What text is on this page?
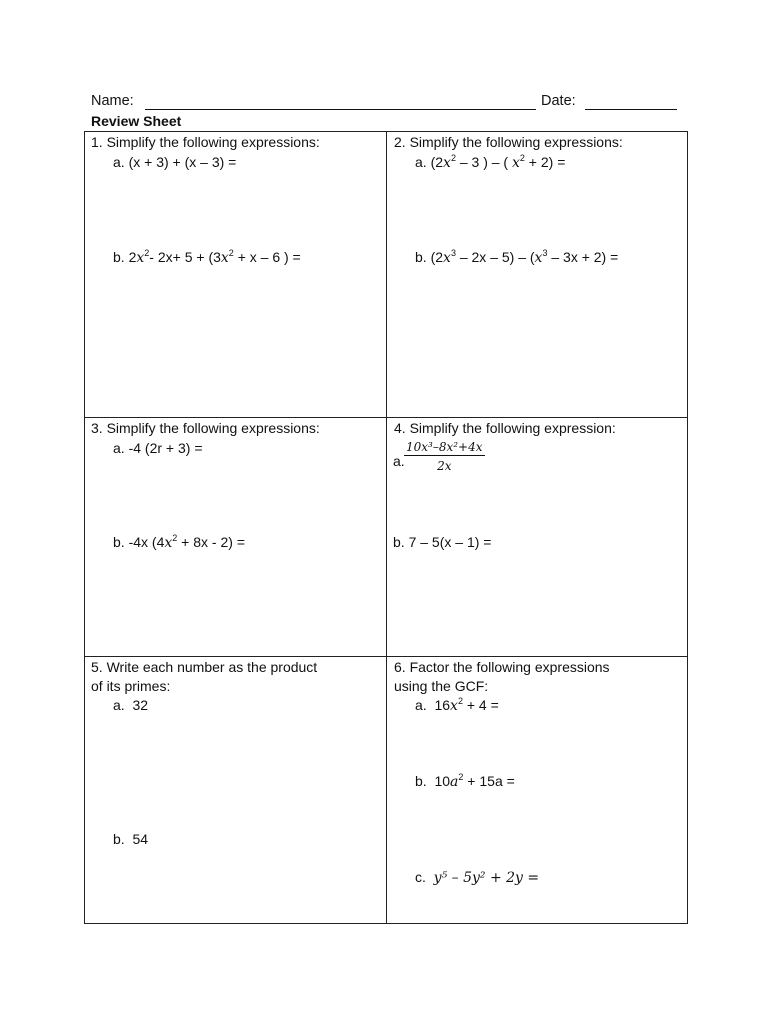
Name:	Date:
Review Sheet
1. Simplify the following expressions:
a. (x + 3) + (x – 3) =
b. $2x^2-$ $2x+ 5 + (3x^2 + x - 6$ ) =
2. Simplify the following expressions:
a. ($2x^2 - 3$ ) – ( $x^2 + 2$) =
b. $(2x^3 - 2x - 5) - (x^3 - 3x + 2)$ =
3. Simplify the following expressions:
a. -4 (2r + 3) =
b. -4x $(4x^2 + 8x - 2)$ =
4. Simplify the following expression:
a. $\frac{\text{10x³–8x²+4x}}{2x}$
b. 7 – 5(x – 1) =
5. Write each number as the product
of its primes:
a. 32
b. 54
6. Factor the following expressions
using the GCF:
a. $16x^2 + 4$ =
b. $10a^2 + 15a$ =
c. y⁵ – 5y² + 2y =
